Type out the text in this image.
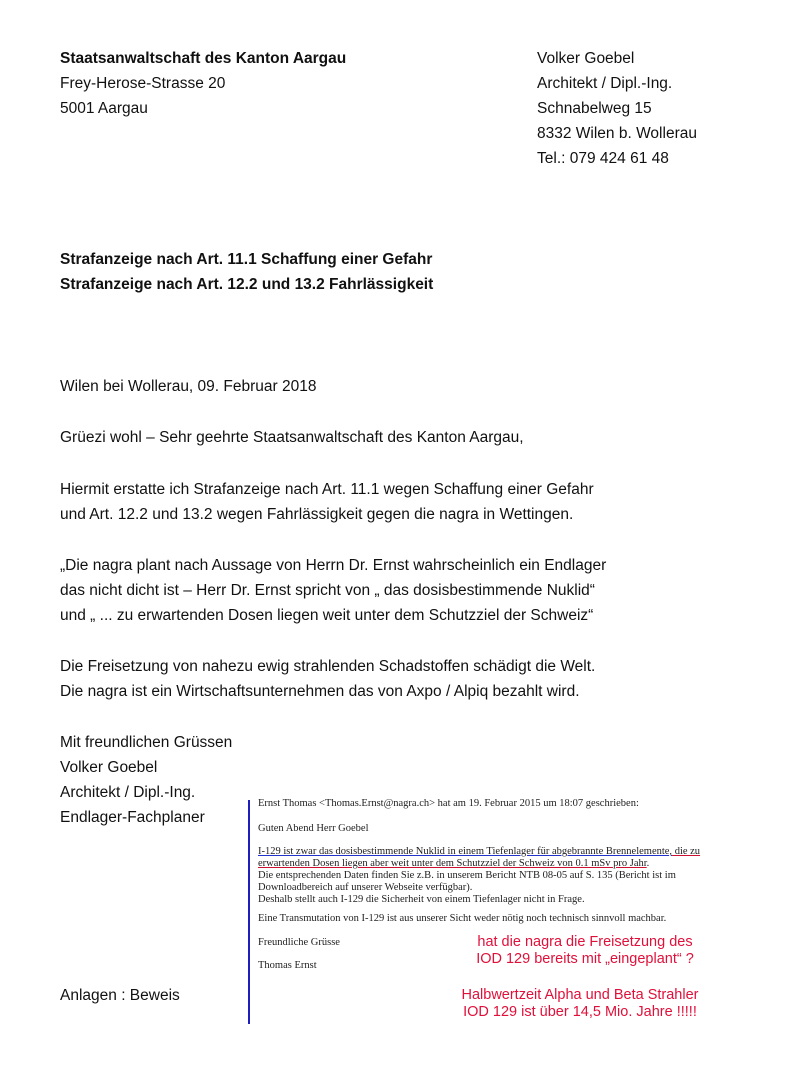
Staatsanwaltschaft des Kanton Aargau
Frey-Herose-Strasse 20
5001 Aargau
Volker Goebel
Architekt / Dipl.-Ing.
Schnabelweg 15
8332 Wilen b. Wollerau
Tel.: 079 424 61 48
Strafanzeige nach Art. 11.1 Schaffung einer Gefahr
Strafanzeige nach Art. 12.2 und 13.2 Fahrlässigkeit
Wilen bei Wollerau, 09. Februar 2018
Grüezi wohl – Sehr geehrte Staatsanwaltschaft des Kanton Aargau,
Hiermit erstatte ich Strafanzeige nach Art. 11.1 wegen Schaffung einer Gefahr
und Art. 12.2 und 13.2 wegen Fahrlässigkeit gegen die nagra in Wettingen.
„Die nagra plant nach Aussage von Herrn Dr. Ernst wahrscheinlich ein Endlager
das nicht dicht ist – Herr Dr. Ernst spricht von „ das dosisbestimmende Nuklid“
und „ ... zu erwartenden Dosen liegen weit unter dem Schutzziel der Schweiz“
Die Freisetzung von nahezu ewig strahlenden Schadstoffen schädigt die Welt.
Die nagra ist ein Wirtschaftsunternehmen das von Axpo / Alpiq bezahlt wird.
Mit freundlichen Grüssen
Volker Goebel
Architekt / Dipl.-Ing.
Endlager-Fachplaner
Anlagen : Beweis
Ernst Thomas <Thomas.Ernst@nagra.ch> hat am 19. Februar 2015 um 18:07 geschrieben:
Guten Abend Herr Goebel
I-129 ist zwar das dosisbestimmende Nuklid in einem Tiefenlager für abgebrannte Brennelemente, die zu
erwartenden Dosen liegen aber weit unter dem Schutzziel der Schweiz von 0.1 mSv pro Jahr.
Die entsprechenden Daten finden Sie z.B. in unserem Bericht NTB 08-05 auf S. 135 (Bericht ist im
Downloadbereich auf unserer Webseite verfügbar).
Deshalb stellt auch I-129 die Sicherheit von einem Tiefenlager nicht in Frage.
Eine Transmutation von I-129 ist aus unserer Sicht weder nötig noch technisch sinnvoll machbar.
Freundliche Grüsse
Thomas Ernst
hat die nagra die Freisetzung des
IOD 129 bereits mit „eingeplant“ ?
Halbwertzeit Alpha und Beta Strahler
IOD 129 ist über 14,5 Mio. Jahre !!!!!
